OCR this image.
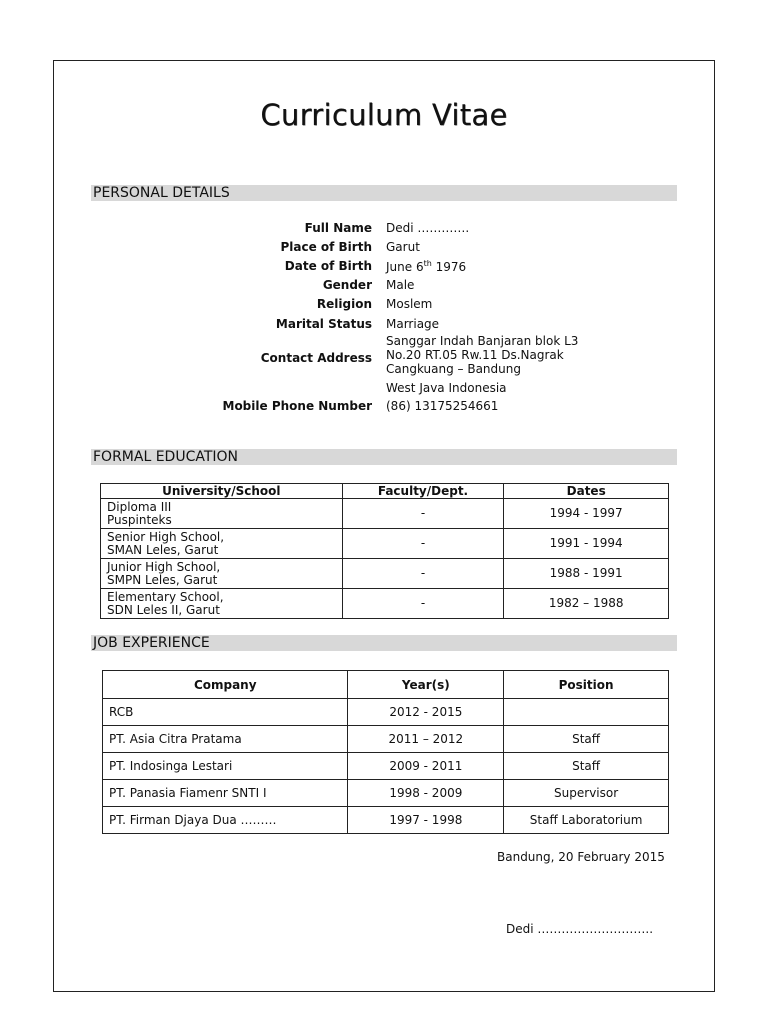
Curriculum Vitae
PERSONAL DETAILS
Full Name Dedi ………….
Place of Birth Garut
Date of Birth June 6th 1976
Gender Male
Religion Moslem
Marital Status Marriage
Contact Address
Sanggar Indah Banjaran blok L3
No.20 RT.05 Rw.11 Ds.Nagrak
Cangkuang – Bandung
West Java Indonesia
Mobile Phone Number (86) 13175254661
FORMAL EDUCATION
University/School	Faculty/Dept.	Dates

Diploma III
Puspinteks	-	1994 - 1997

Senior High School,
SMAN Leles, Garut	-	1991 - 1994

Junior High School,
SMPN Leles, Garut	-	1988 - 1991

Elementary School,
SDN Leles II, Garut	-	1982 – 1988
JOB EXPERIENCE
Company	Year(s)	Position
RCB	2012 - 2015	
PT. Asia Citra Pratama	2011 – 2012	Staff
PT. Indosinga Lestari	2009 - 2011	Staff
PT. Panasia Fiamenr SNTI I	1998 - 2009	Supervisor
PT. Firman Djaya Dua ………	1997 - 1998	Staff Laboratorium
Bandung, 20 February 2015
Dedi ………………………..
